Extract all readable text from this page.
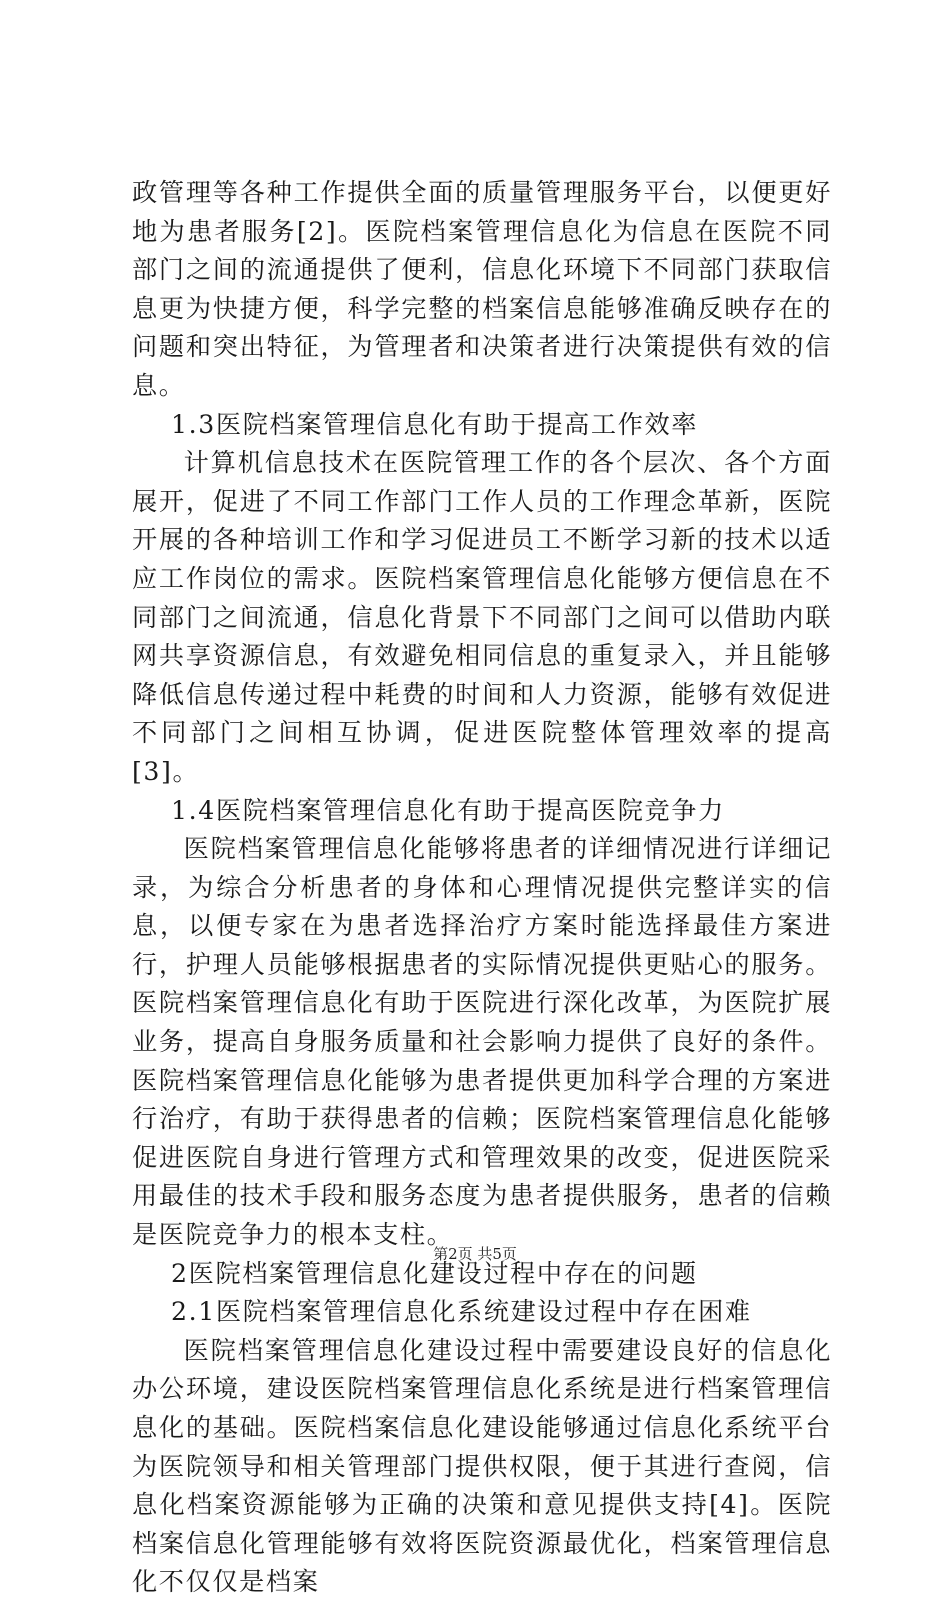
政管理等各种工作提供全面的质量管理服务平台，以便更好地为患者服务[2]。医院档案管理信息化为信息在医院不同部门之间的流通提供了便利，信息化环境下不同部门获取信息更为快捷方便，科学完整的档案信息能够准确反映存在的问题和突出特征，为管理者和决策者进行决策提供有效的信息。

1.3医院档案管理信息化有助于提高工作效率

计算机信息技术在医院管理工作的各个层次、各个方面展开，促进了不同工作部门工作人员的工作理念革新，医院开展的各种培训工作和学习促进员工不断学习新的技术以适应工作岗位的需求。医院档案管理信息化能够方便信息在不同部门之间流通，信息化背景下不同部门之间可以借助内联网共享资源信息，有效避免相同信息的重复录入，并且能够降低信息传递过程中耗费的时间和人力资源，能够有效促进不同部门之间相互协调，促进医院整体管理效率的提高[3]。

1.4医院档案管理信息化有助于提高医院竞争力

医院档案管理信息化能够将患者的详细情况进行详细记录，为综合分析患者的身体和心理情况提供完整详实的信息，以便专家在为患者选择治疗方案时能选择最佳方案进行，护理人员能够根据患者的实际情况提供更贴心的服务。医院档案管理信息化有助于医院进行深化改革，为医院扩展业务，提高自身服务质量和社会影响力提供了良好的条件。医院档案管理信息化能够为患者提供更加科学合理的方案进行治疗，有助于获得患者的信赖；医院档案管理信息化能够促进医院自身进行管理方式和管理效果的改变，促进医院采用最佳的技术手段和服务态度为患者提供服务，患者的信赖是医院竞争力的根本支柱。

2医院档案管理信息化建设过程中存在的问题

2.1医院档案管理信息化系统建设过程中存在困难

医院档案管理信息化建设过程中需要建设良好的信息化办公环境，建设医院档案管理信息化系统是进行档案管理信息化的基础。医院档案信息化建设能够通过信息化系统平台为医院领导和相关管理部门提供权限，便于其进行查阅，信息化档案资源能够为正确的决策和意见提供支持[4]。医院档案信息化管理能够有效将医院资源最优化，档案管理信息化不仅仅是档案

第2页 共5页
